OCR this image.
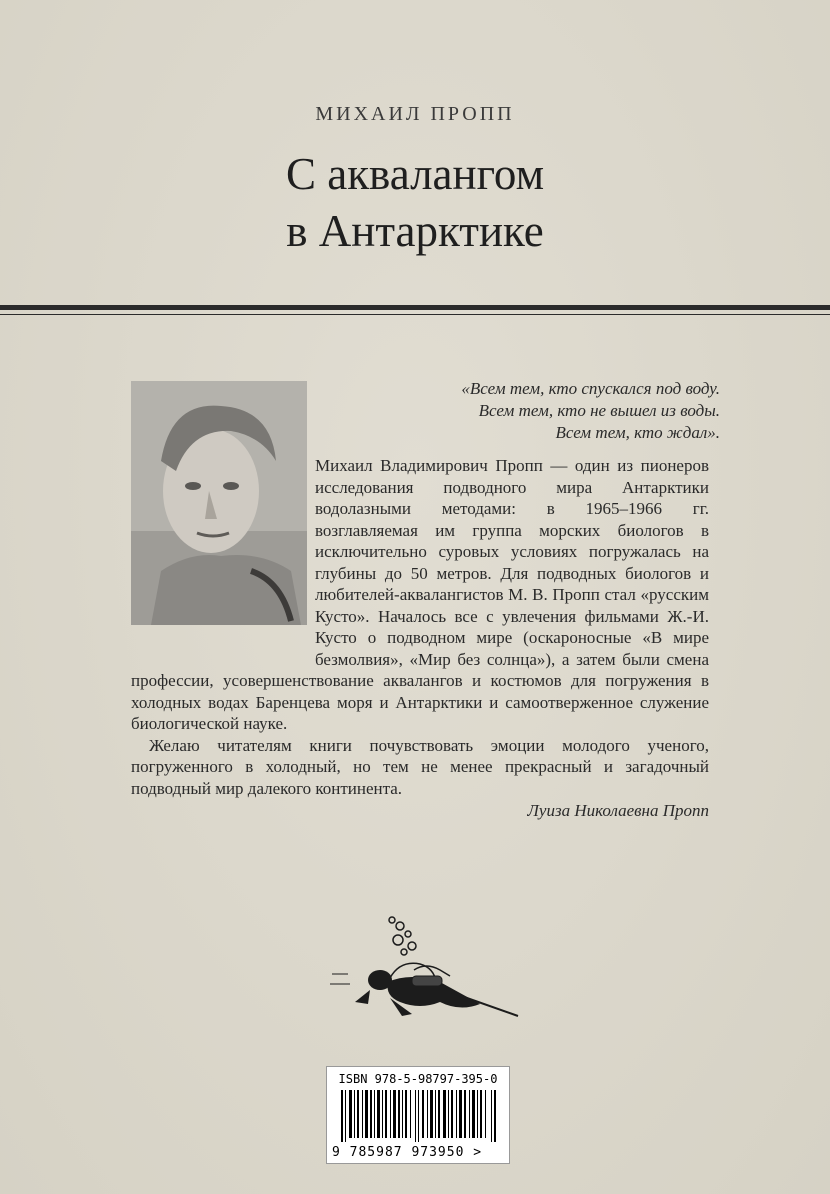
МИХАИЛ ПРОПП
С аквалангом
в Антарктике
«Всем тем, кто спускался под воду.
Всем тем, кто не вышел из воды.
Всем тем, кто ждал».

Михаил Владимирович Пропп — один из пионеров исследования подводного мира Антарктики водолазными методами: в 1965–1966 гг. возглавляемая им группа морских биологов в исключительно суровых условиях погружалась на глубины до 50 метров. Для подводных биологов и любителей-аквалангистов М. В. Пропп стал «русским Кусто». Началось все с увлечения фильмами Ж.-И. Кусто о подводном мире (оскароносные «В мире безмолвия», «Мир без солнца»), а затем были смена профессии, усовершенствование аквалангов и костюмов для погружения в холодных водах Баренцева моря и Антарктики и самоотверженное служение биологической науке.

Желаю читателям книги почувствовать эмоции молодого ученого, погруженного в холодный, но тем не менее прекрасный и загадочный подводный мир далекого континента.

Луиза Николаевна Пропп
ISBN 978-5-98797-395-0
9 785987 973950 >
